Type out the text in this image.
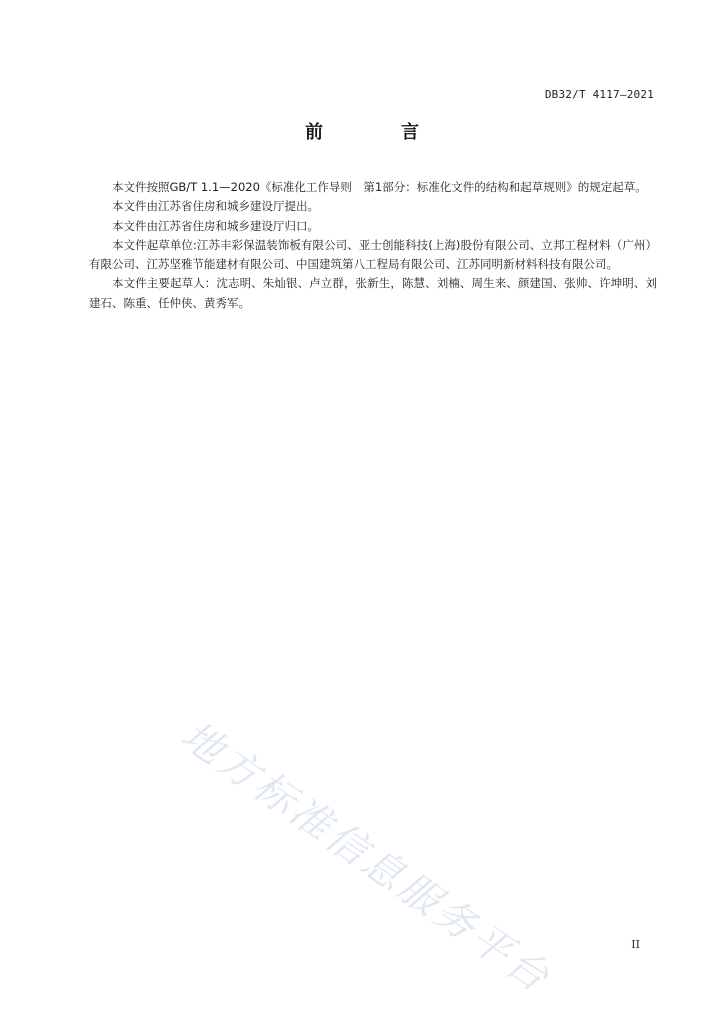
DB32/T 4117—2021
前　言

本文件按照GB/T 1.1—2020《标准化工作导则　第1部分：标准化文件的结构和起草规则》的规定起草。

本文件由江苏省住房和城乡建设厅提出。

本文件由江苏省住房和城乡建设厅归口。

本文件起草单位:江苏丰彩保温装饰板有限公司、亚士创能科技(上海)股份有限公司、立邦工程材料（广州）有限公司、江苏坚雅节能建材有限公司、中国建筑第八工程局有限公司、江苏同明新材料科技有限公司。

本文件主要起草人：沈志明、朱灿银、卢立群，张新生，陈慧、刘楠、周生来、颜建国、张帅、许坤明、刘建石、陈重、任仲侠、黄秀军。

地方标准信息服务平台	II
